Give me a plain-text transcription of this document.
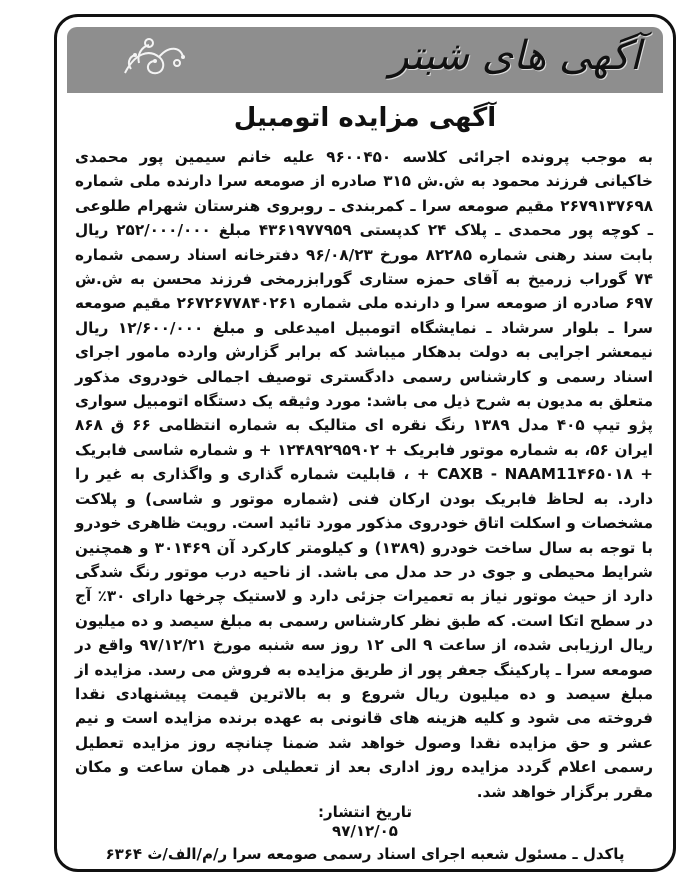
آگهی های شبتر
آگهی مزایده اتومبیل

به موجب پرونده اجرائی کلاسه ۹۶۰۰۴۵۰ علیه خانم سیمین پور محمدی خاکیانی فرزند محمود به ش.ش ۳۱۵ صادره از صومعه سرا دارنده ملی شماره ۲۶۷۹۱۳۷۶۹۸ مقیم صومعه سرا ـ کمربندی ـ روبروی هنرستان شهرام طلوعی ـ کوچه پور محمدی ـ پلاک ۲۴ کدپستی ۴۳۶۱۹۷۷۹۵۹ مبلغ ۲۵۲/۰۰۰/۰۰۰ ریال بابت سند رهنی شماره ۸۲۲۸۵ مورخ ۹۶/۰۸/۲۳ دفترخانه اسناد رسمی شماره ۷۴ گوراب زرمیخ به آقای حمزه ستاری گورابزرمخی فرزند محسن به ش.ش ۶۹۷ صادره از صومعه سرا و دارنده ملی شماره ۲۶۷۲۶۷۷۸۴۰۲۶۱ مقیم صومعه سرا ـ بلوار سرشاد ـ نمایشگاه اتومبیل امیدعلی و مبلغ ۱۲/۶۰۰/۰۰۰ ریال نیمعشر اجرایی به دولت بدهکار میباشد که برابر گزارش وارده مامور اجرای اسناد رسمی و کارشناس رسمی دادگستری توصیف اجمالی خودروی مذکور متعلق به مدیون به شرح ذیل می باشد: مورد وثیقه یک دستگاه اتومبیل سواری پژو تیپ ۴۰۵ مدل ۱۳۸۹ رنگ نقره ای متالیک به شماره انتظامی ۶۶ ق ۸۶۸ ایران ۵۶، به شماره موتور فابریک + ۱۲۴۸۹۲۹۵۹۰۲ + و شماره شاسی فابریک + CAXB - NAAM11۴۶۵۰۱۸ + ، قابلیت شماره گذاری و واگذاری به غیر را دارد. به لحاظ فابریک بودن ارکان فنی (شماره موتور و شاسی) و پلاکت مشخصات و اسکلت اتاق خودروی مذکور مورد تائید است. رویت ظاهری خودرو با توجه به سال ساخت خودرو (۱۳۸۹) و کیلومتر کارکرد آن ۳۰۱۴۶۹ و همچنین شرایط محیطی و جوی در حد مدل می باشد. از ناحیه درب موتور رنگ شدگی دارد از حیث موتور نیاز به تعمیرات جزئی دارد و لاستیک چرخها دارای ۳۰٪ آج در سطح اتکا است. که طبق نظر کارشناس رسمی به مبلغ سیصد و ده میلیون ریال ارزیابی شده، از ساعت ۹ الی ۱۲ روز سه شنبه مورخ ۹۷/۱۲/۲۱ واقع در صومعه سرا ـ پارکینگ جعفر پور از طریق مزایده به فروش می رسد. مزایده از مبلغ سیصد و ده میلیون ریال شروع و به بالاترین قیمت پیشنهادی نقدا فروخته می شود و کلیه هزینه های قانونی به عهده برنده مزایده است و نیم عشر و حق مزایده نقدا وصول خواهد شد ضمنا چنانچه روز مزایده تعطیل رسمی اعلام گردد مزایده روز اداری بعد از تعطیلی در همان ساعت و مکان مقرر برگزار خواهد شد.

تاریخ انتشار:
۹۷/۱۲/۰۵
پاکدل ـ مسئول شعبه اجرای اسناد رسمی صومعه سرا ر/م/الف/ث ۶۳۶۴
